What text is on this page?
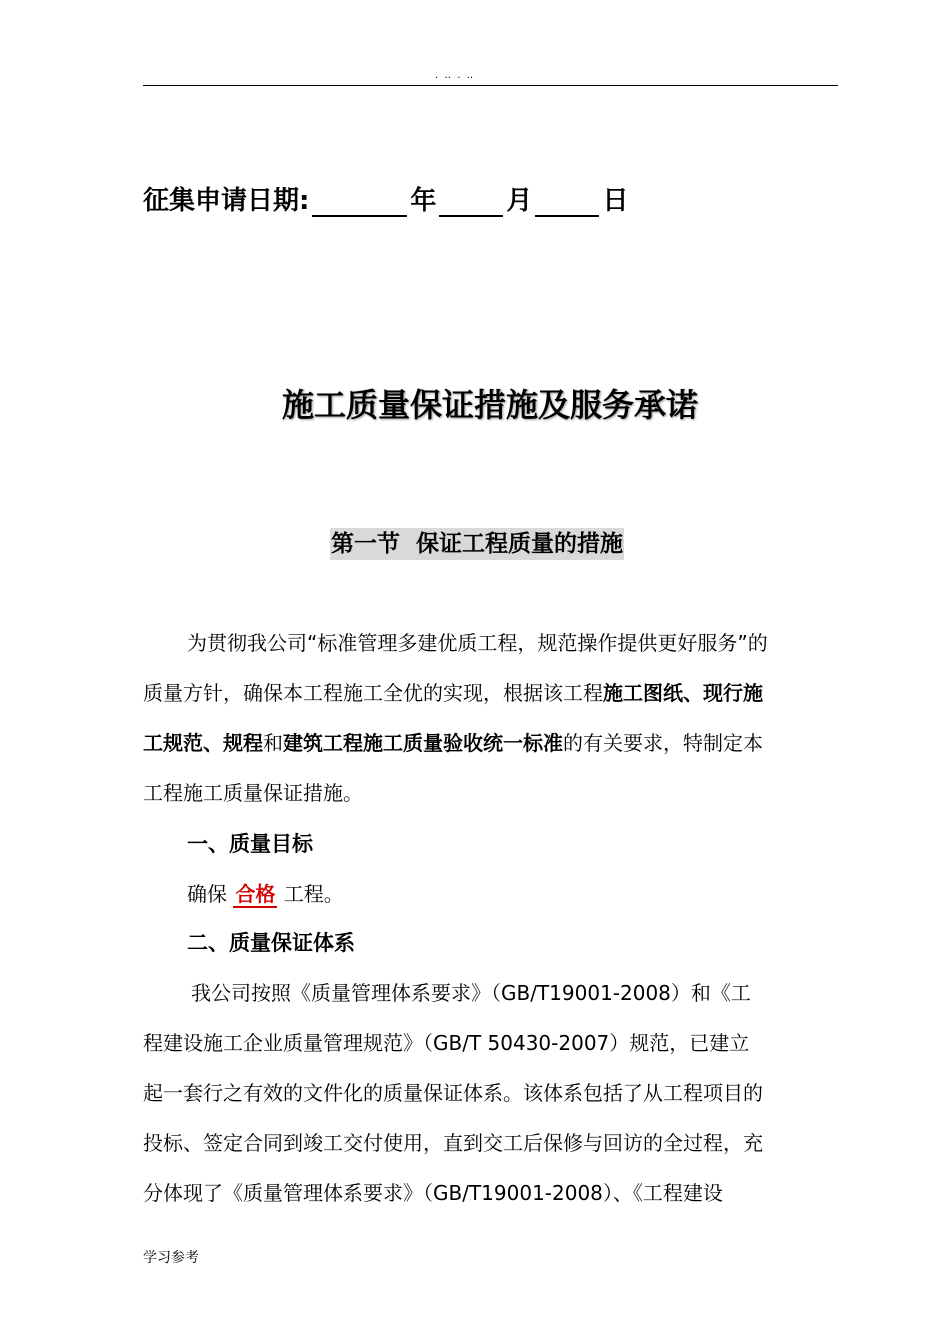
.  ..  .  ..
征集申请日期:	年	月	日
施工质量保证措施及服务承诺
第一节  保证工程质量的措施

为贯彻我公司“标准管理多建优质工程，规范操作提供更好服务”的

质量方针，确保本工程施工全优的实现，根据该工程施工图纸、现行施

工规范、规程和建筑工程施工质量验收统一标准的有关要求，特制定本

工程施工质量保证措施。

一、质量目标
确保 合格 工程。
二、质量保证体系

我公司按照《质量管理体系要求》（GB/T19001-2008）和《工

程建设施工企业质量管理规范》（GB/T 50430-2007）规范，已建立

起一套行之有效的文件化的质量保证体系。该体系包括了从工程项目的

投标、签定合同到竣工交付使用，直到交工后保修与回访的全过程，充

分体现了《质量管理体系要求》（GB/T19001-2008）、《工程建设

学习参考
